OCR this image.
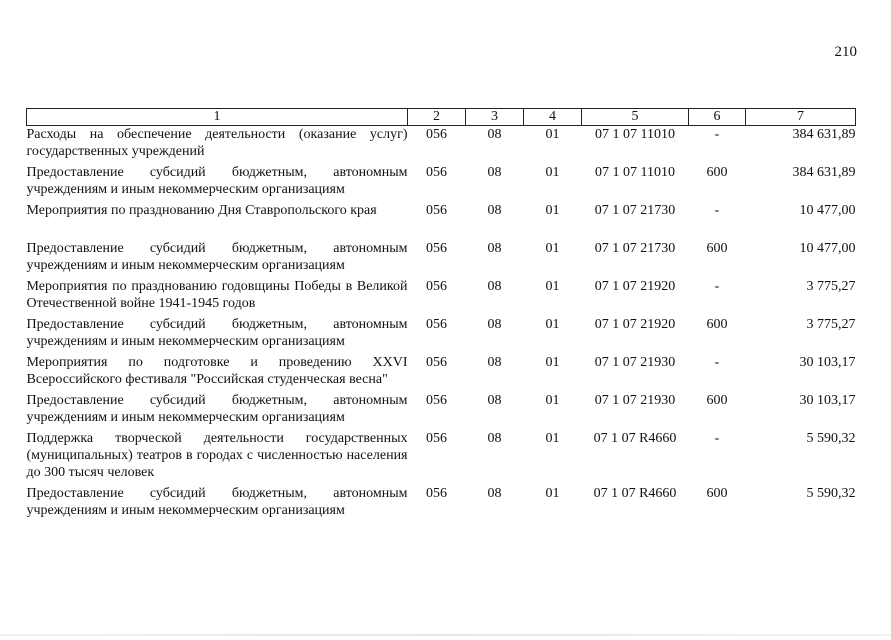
210
1	2	3	4	5	6	7
Расходы на обеспечение деятельности (оказание услуг) государственных учреждений	056	08	01	07 1 07 11010	-	384 631,89
Предоставление субсидий бюджетным, автономным учреждениям и иным некоммерческим организациям	056	08	01	07 1 07 11010	600	384 631,89
Мероприятия по празднованию Дня Ставропольского края	056	08	01	07 1 07 21730	-	10 477,00
Предоставление субсидий бюджетным, автономным учреждениям и иным некоммерческим организациям	056	08	01	07 1 07 21730	600	10 477,00
Мероприятия по празднованию годовщины Победы в Великой Отечественной войне 1941-1945 годов	056	08	01	07 1 07 21920	-	3 775,27
Предоставление субсидий бюджетным, автономным учреждениям и иным некоммерческим организациям	056	08	01	07 1 07 21920	600	3 775,27
Мероприятия по подготовке и проведению XXVI Всероссийского фестиваля "Российская студенческая весна"	056	08	01	07 1 07 21930	-	30 103,17
Предоставление субсидий бюджетным, автономным учреждениям и иным некоммерческим организациям	056	08	01	07 1 07 21930	600	30 103,17
Поддержка творческой деятельности государственных (муниципальных) театров в городах с численностью населения до 300 тысяч человек	056	08	01	07 1 07 R4660	-	5 590,32
Предоставление субсидий бюджетным, автономным учреждениям и иным некоммерческим организациям	056	08	01	07 1 07 R4660	600	5 590,32
